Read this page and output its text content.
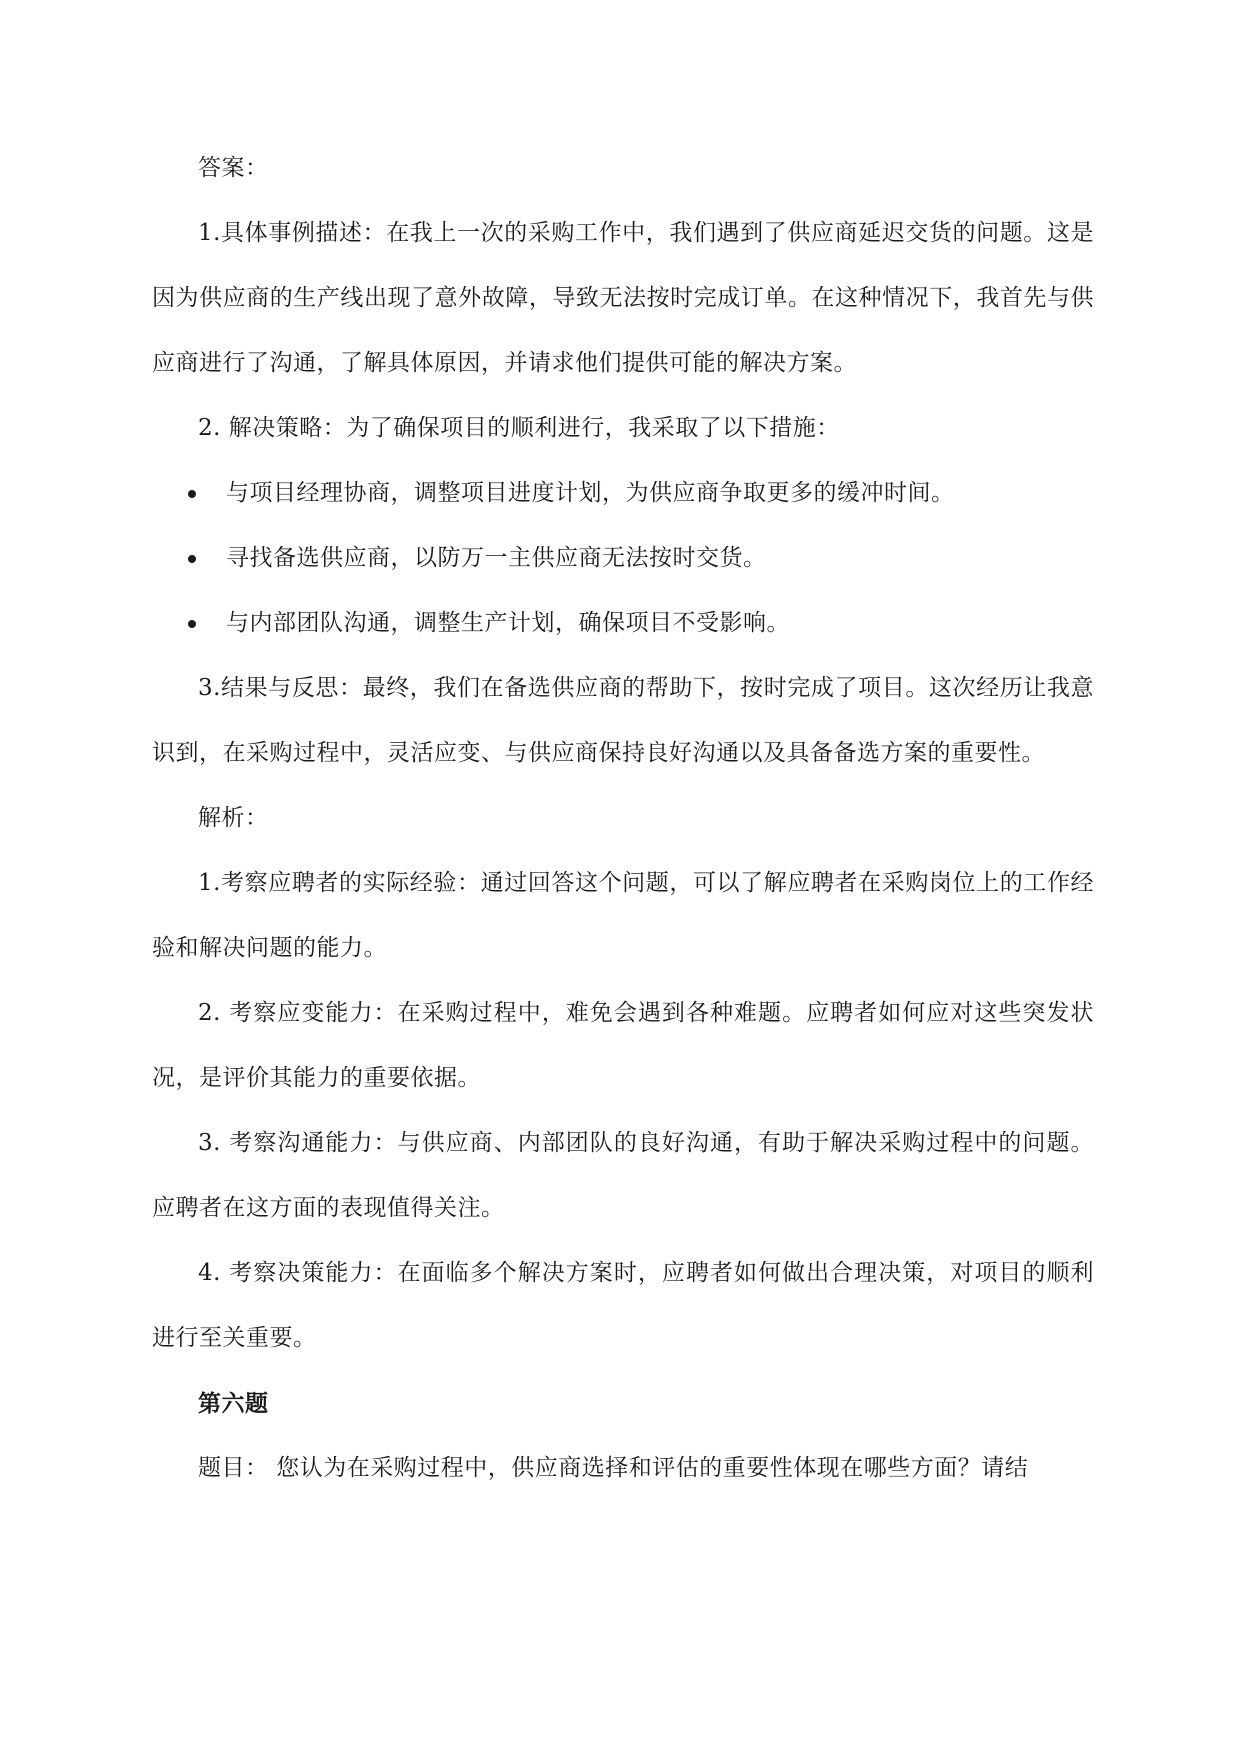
答案：

1.具体事例描述：在我上一次的采购工作中，我们遇到了供应商延迟交货的问题。这是因为供应商的生产线出现了意外故障，导致无法按时完成订单。在这种情况下，我首先与供应商进行了沟通，了解具体原因，并请求他们提供可能的解决方案。

2. 解决策略：为了确保项目的顺利进行，我采取了以下措施：

与项目经理协商，调整项目进度计划，为供应商争取更多的缓冲时间。
寻找备选供应商，以防万一主供应商无法按时交货。
与内部团队沟通，调整生产计划，确保项目不受影响。

3.结果与反思：最终，我们在备选供应商的帮助下，按时完成了项目。这次经历让我意识到，在采购过程中，灵活应变、与供应商保持良好沟通以及具备备选方案的重要性。

解析：

1.考察应聘者的实际经验：通过回答这个问题，可以了解应聘者在采购岗位上的工作经验和解决问题的能力。

2. 考察应变能力：在采购过程中，难免会遇到各种难题。应聘者如何应对这些突发状况，是评价其能力的重要依据。

3. 考察沟通能力：与供应商、内部团队的良好沟通，有助于解决采购过程中的问题。应聘者在这方面的表现值得关注。

4. 考察决策能力：在面临多个解决方案时，应聘者如何做出合理决策，对项目的顺利进行至关重要。

第六题

题目： 您认为在采购过程中，供应商选择和评估的重要性体现在哪些方面？请结
